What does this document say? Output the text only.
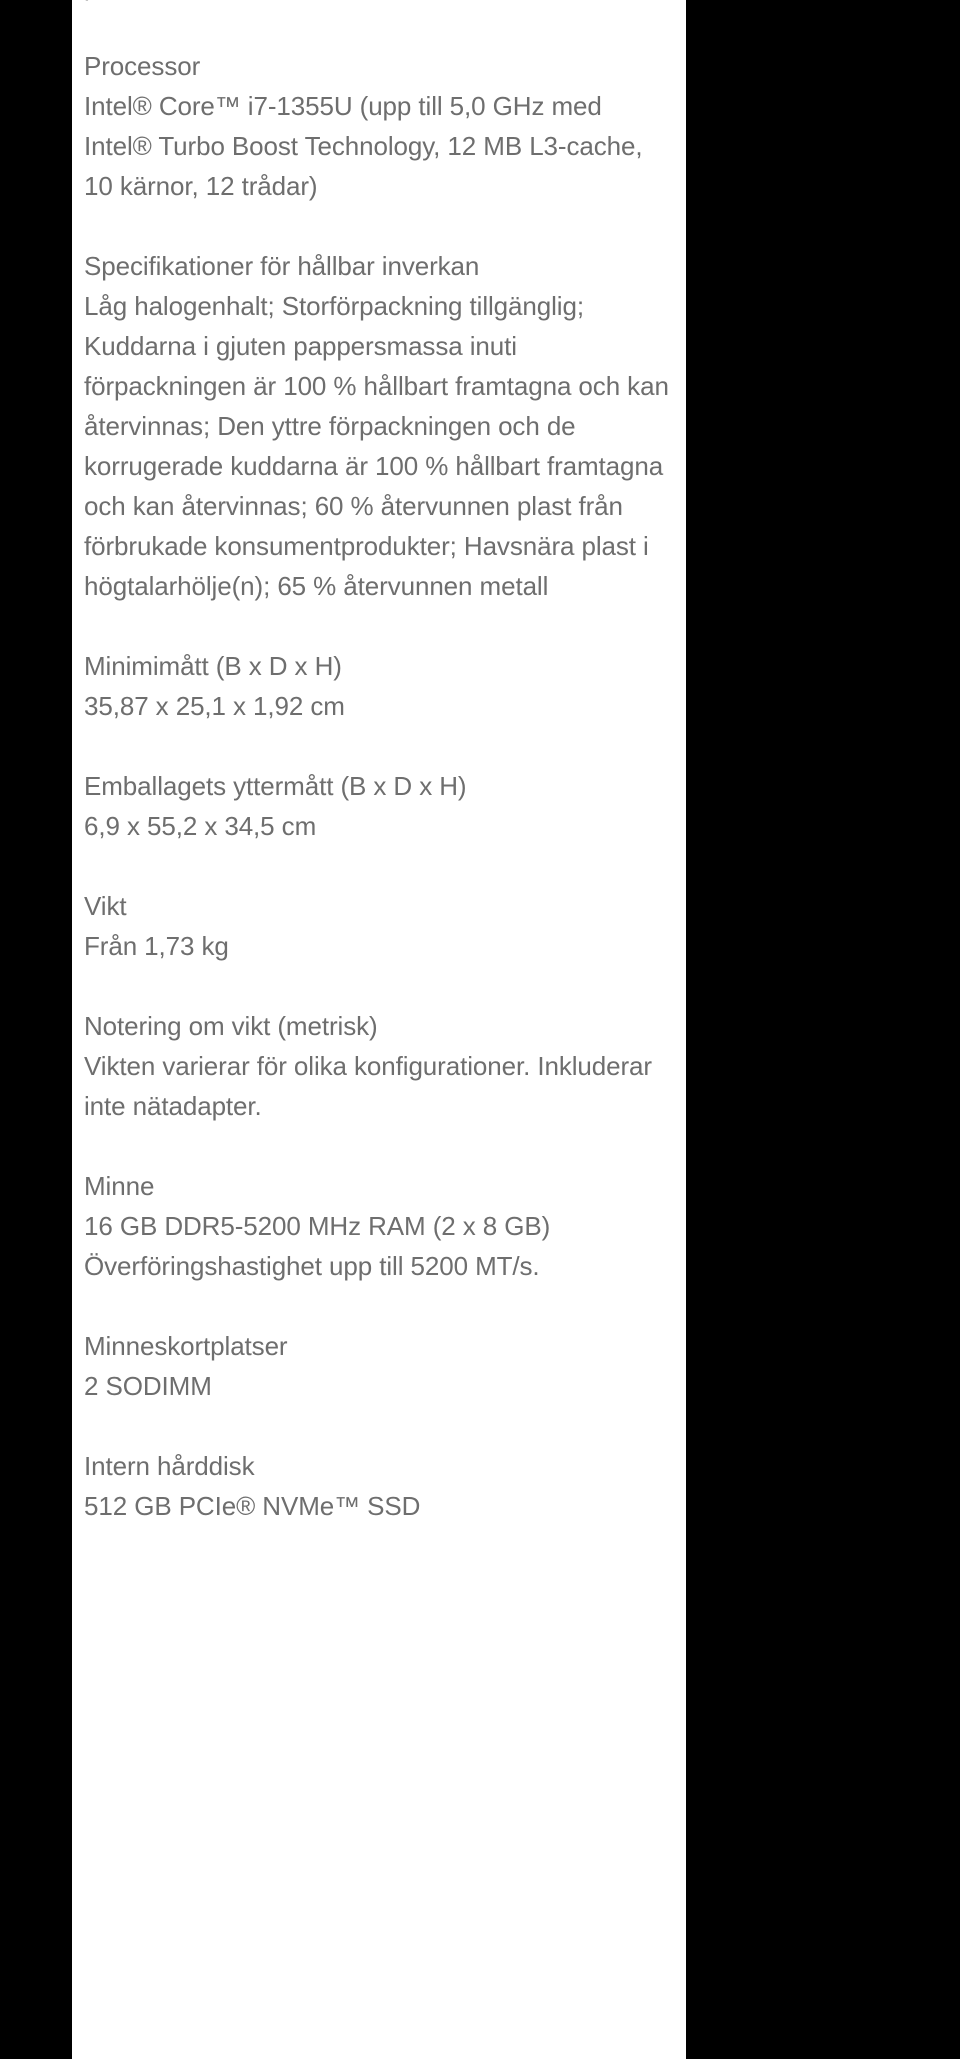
Processor

Intel® Core™ i7-1355U (upp till 5,0 GHz med Intel® Turbo Boost Technology, 12 MB L3-cache, 10 kärnor, 12 trådar)

Specifikationer för hållbar inverkan

Låg halogenhalt; Storförpackning tillgänglig; Kuddarna i gjuten pappersmassa inuti förpackningen är 100 % hållbart framtagna och kan återvinnas; Den yttre förpackningen och de korrugerade kuddarna är 100 % hållbart framtagna och kan återvinnas; 60 % återvunnen plast från förbrukade konsumentprodukter; Havsnära plast i högtalarhölje(n); 65 % återvunnen metall

Minimimått (B x D x H)

35,87 x 25,1 x 1,92 cm

Emballagets yttermått (B x D x H)

6,9 x 55,2 x 34,5 cm

Vikt

Från 1,73 kg

Notering om vikt (metrisk)

Vikten varierar för olika konfigurationer. Inkluderar inte nätadapter.

Minne

16 GB DDR5-5200 MHz RAM (2 x 8 GB) Överföringshastighet upp till 5200 MT/s.

Minneskortplatser

2 SODIMM

Intern hårddisk

512 GB PCIe® NVMe™ SSD
